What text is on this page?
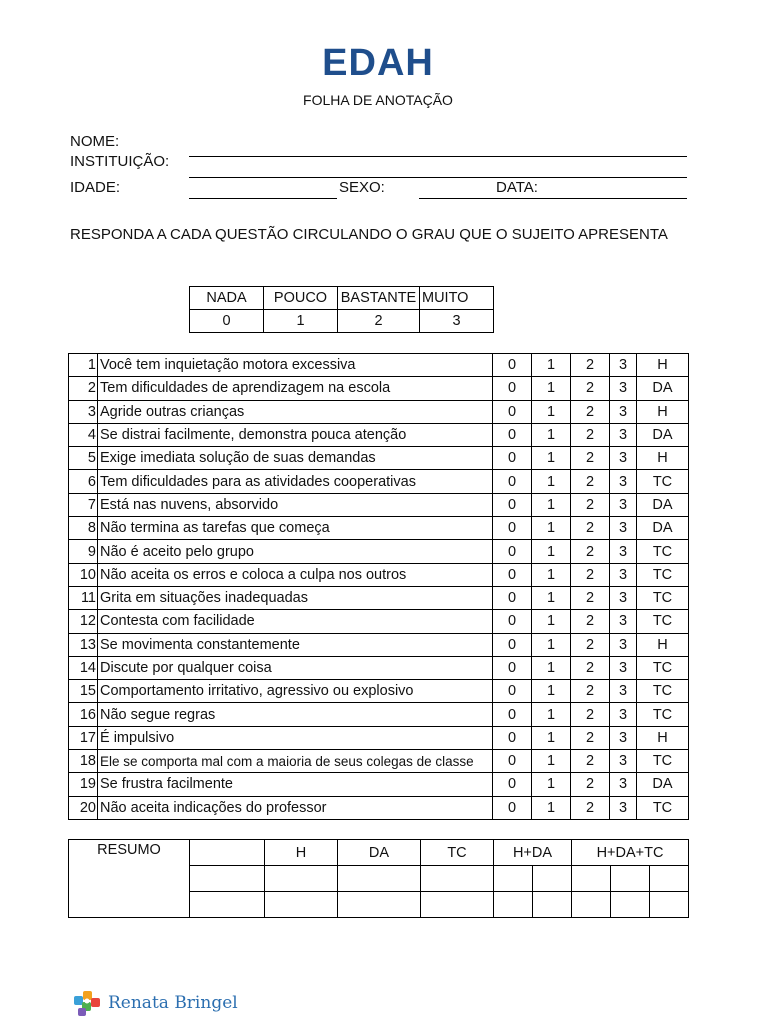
EDAH
FOLHA DE ANOTAÇÃO
NOME:
INSTITUIÇÃO:
IDADE:	SEXO:	DATA:
RESPONDA A CADA QUESTÃO CIRCULANDO O GRAU QUE O SUJEITO APRESENTA
NADA	POUCO	BASTANTE	MUITO
0	1	2	3
1	Você tem inquietação motora excessiva	0	1	2	3	H
2	Tem dificuldades de aprendizagem na escola	0	1	2	3	DA
3	Agride outras crianças	0	1	2	3	H
4	Se distrai facilmente, demonstra pouca atenção	0	1	2	3	DA
5	Exige imediata solução de suas demandas	0	1	2	3	H
6	Tem dificuldades para as atividades cooperativas	0	1	2	3	TC
7	Está nas nuvens, absorvido	0	1	2	3	DA
8	Não termina as tarefas que começa	0	1	2	3	DA
9	Não é aceito pelo grupo	0	1	2	3	TC
10	Não aceita os erros e coloca a culpa nos outros	0	1	2	3	TC
11	Grita em situações inadequadas	0	1	2	3	TC
12	Contesta com facilidade	0	1	2	3	TC
13	Se movimenta constantemente	0	1	2	3	H
14	Discute por qualquer coisa	0	1	2	3	TC
15	Comportamento irritativo, agressivo ou explosivo	0	1	2	3	TC
16	Não segue regras	0	1	2	3	TC
17	É impulsivo	0	1	2	3	H
18	Ele se comporta mal com a maioria de seus colegas de classe	0	1	2	3	TC
19	Se frustra facilmente	0	1	2	3	DA
20	Não aceita indicações do professor	0	1	2	3	TC
RESUMO		H	DA	TC	H+DA		H+DA+TC		

Renata Bringel
